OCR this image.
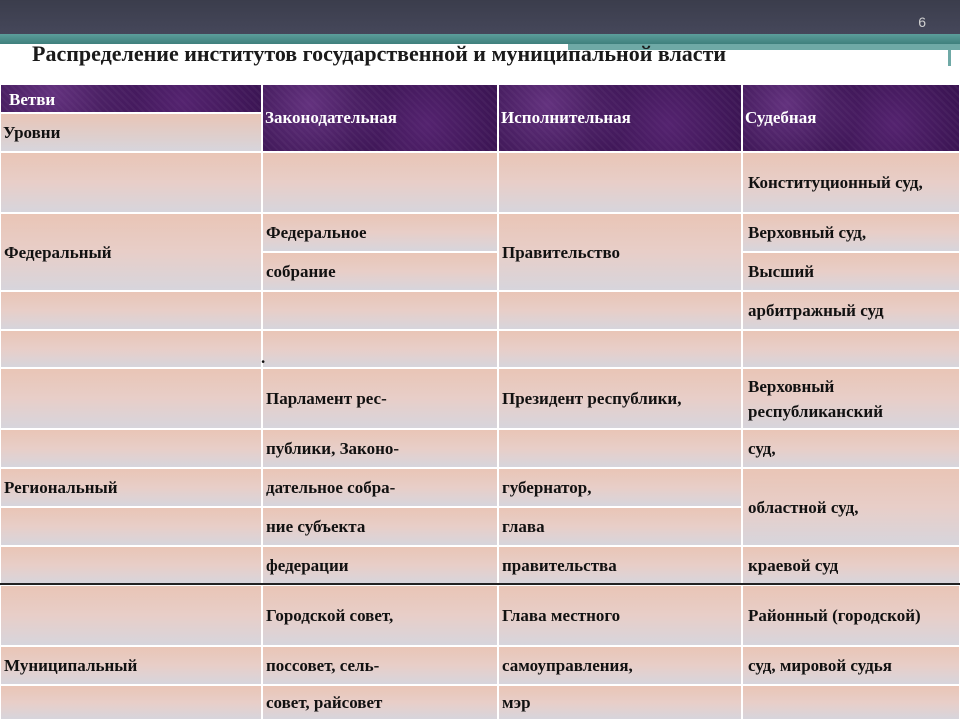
6
Распределение институтов государственной и муниципальной власти
Ветви
Уровни
Законодательная	Исполнительная	Судебная
Федеральный
Федеральное
собрание
Правительство
Конституционный суд,
Верховный суд,
Высший
арбитражный суд
.
Региональный
Парламент рес-
публики, Законо-
дательное собра-
ние субъекта
федерации
Президент республики,
губернатор,
глава
правительства
Верховный республиканский
суд,
областной суд,
краевой суд
Муниципальный
Городской совет,
поссовет, сель-
совет, райсовет
Глава местного
самоуправления,
мэр
Районный (городской)
суд, мировой судья
